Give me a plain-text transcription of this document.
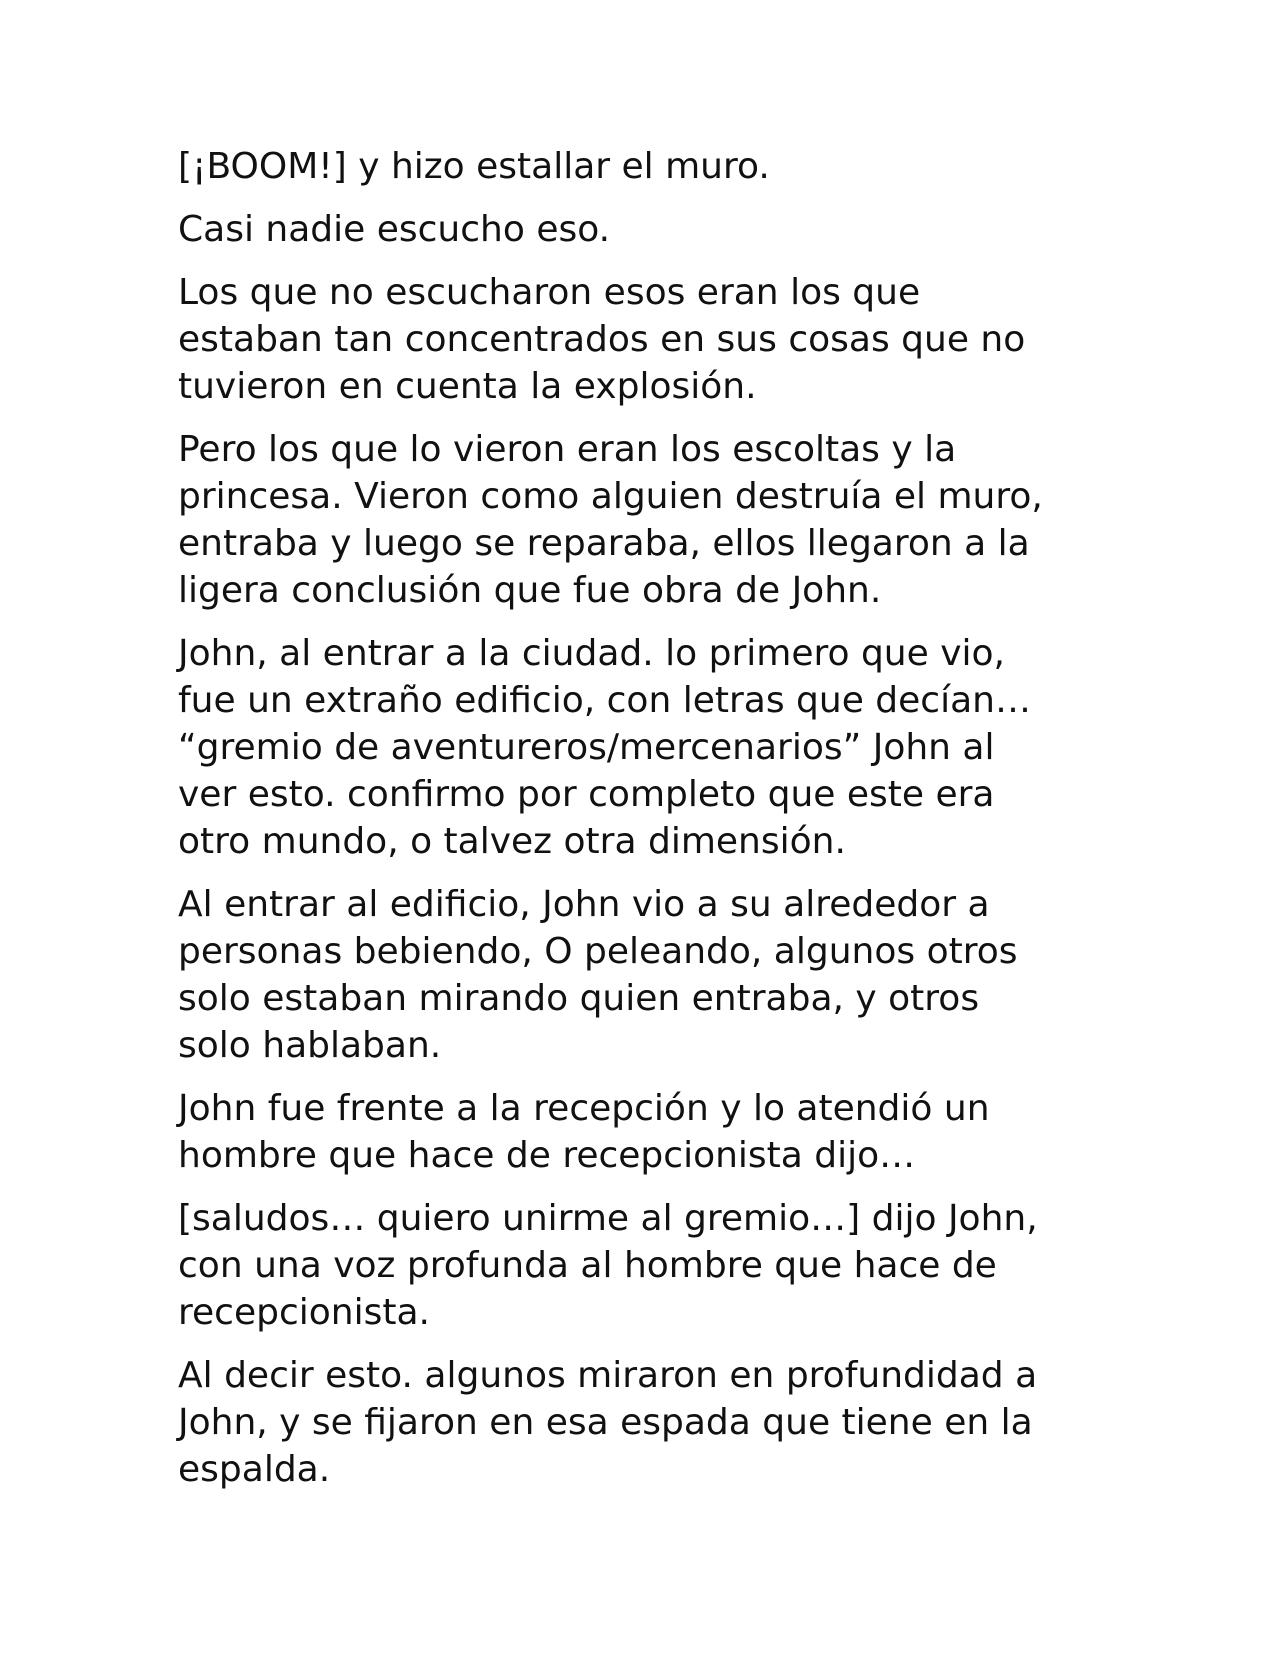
[¡BOOM!] y hizo estallar el muro.

Casi nadie escucho eso.

Los que no escucharon esos eran los que
estaban tan concentrados en sus cosas que no
tuvieron en cuenta la explosión.

Pero los que lo vieron eran los escoltas y la
princesa. Vieron como alguien destruía el muro,
entraba y luego se reparaba, ellos llegaron a la
ligera conclusión que fue obra de John.

John, al entrar a la ciudad. lo primero que vio,
fue un extraño edificio, con letras que decían…
“gremio de aventureros/mercenarios” John al
ver esto. confirmo por completo que este era
otro mundo, o talvez otra dimensión.

Al entrar al edificio, John vio a su alrededor a
personas bebiendo, O peleando, algunos otros
solo estaban mirando quien entraba, y otros
solo hablaban.

John fue frente a la recepción y lo atendió un
hombre que hace de recepcionista dijo…

[saludos… quiero unirme al gremio…] dijo John,
con una voz profunda al hombre que hace de
recepcionista.

Al decir esto. algunos miraron en profundidad a
John, y se fijaron en esa espada que tiene en la
espalda.
